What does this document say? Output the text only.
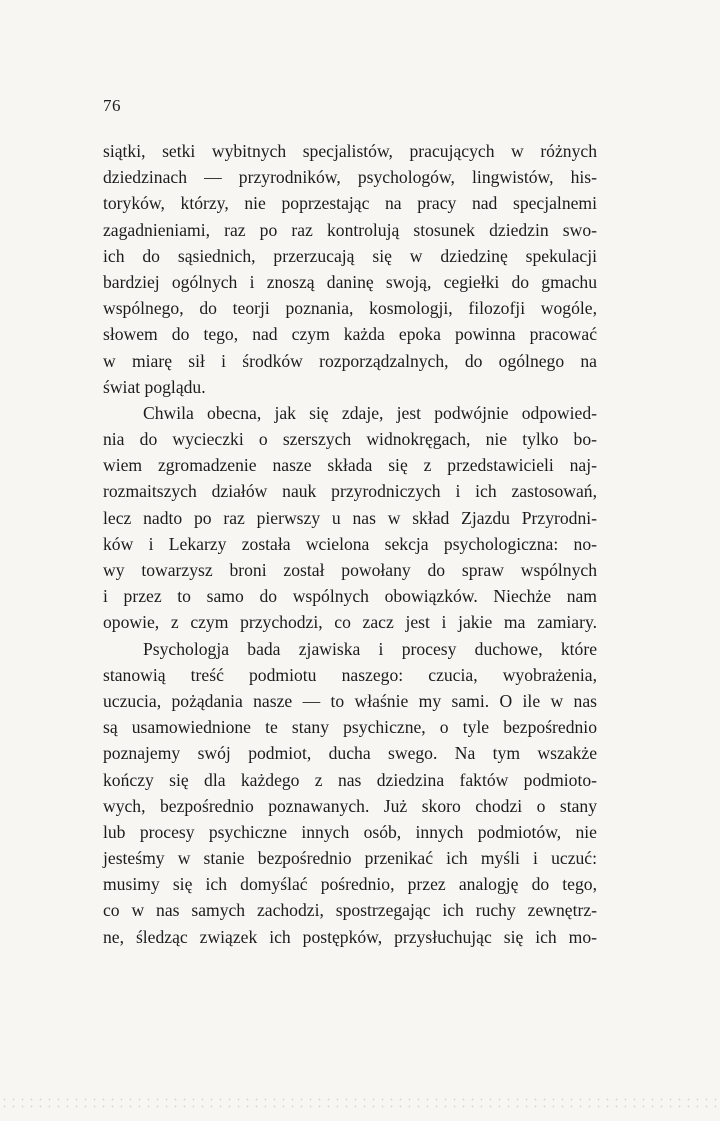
76
siątki, setki wybitnych specjalistów, pracujących w różnych
dziedzinach — przyrodników, psychologów, lingwistów, his-
toryków, którzy, nie poprzestając na pracy nad specjalnemi
zagadnieniami, raz po raz kontrolują stosunek dziedzin swo-
ich do sąsiednich, przerzucają się w dziedzinę spekulacji
bardziej ogólnych i znoszą daninę swoją, cegiełki do gmachu
wspólnego, do teorji poznania, kosmologji, filozofji wogóle,
słowem do tego, nad czym każda epoka powinna pracować
w miarę sił i środków rozporządzalnych, do ogólnego na
świat poglądu.
Chwila obecna, jak się zdaje, jest podwójnie odpowied-
nia do wycieczki o szerszych widnokręgach, nie tylko bo-
wiem zgromadzenie nasze składa się z przedstawicieli naj-
rozmaitszych działów nauk przyrodniczych i ich zastosowań,
lecz nadto po raz pierwszy u nas w skład Zjazdu Przyrodni-
ków i Lekarzy została wcielona sekcja psychologiczna: no-
wy towarzysz broni został powołany do spraw wspólnych
i przez to samo do wspólnych obowiązków. Niechże nam
opowie, z czym przychodzi, co zacz jest i jakie ma zamiary.
Psychologja bada zjawiska i procesy duchowe, które
stanowią treść podmiotu naszego: czucia, wyobrażenia,
uczucia, pożądania nasze — to właśnie my sami. O ile w nas
są usamowiednione te stany psychiczne, o tyle bezpośrednio
poznajemy swój podmiot, ducha swego. Na tym wszakże
kończy się dla każdego z nas dziedzina faktów podmioto-
wych, bezpośrednio poznawanych. Już skoro chodzi o stany
lub procesy psychiczne innych osób, innych podmiotów, nie
jesteśmy w stanie bezpośrednio przenikać ich myśli i uczuć:
musimy się ich domyślać pośrednio, przez analogję do tego,
co w nas samych zachodzi, spostrzegając ich ruchy zewnętrz-
ne, śledząc związek ich postępków, przysłuchując się ich mo-
